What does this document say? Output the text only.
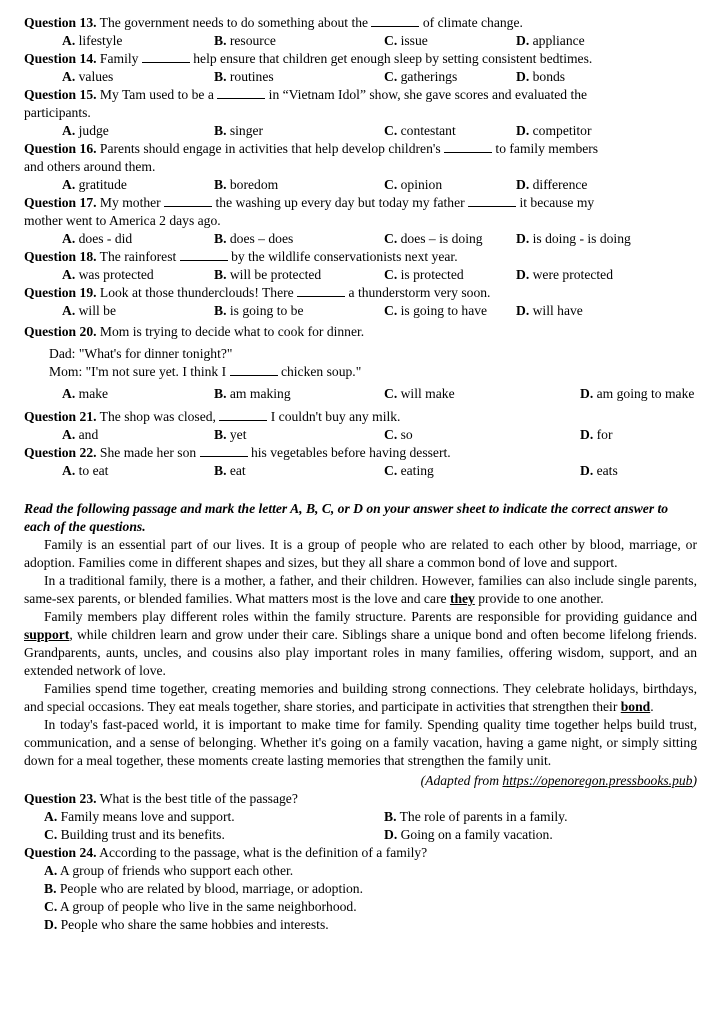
Question 13. The government needs to do something about the	of climate change.

A. lifestyle	B. resource	C. issue	D. appliance

Question 14. Family	help ensure that children get enough sleep by setting consistent bedtimes.

A. values	B. routines	C. gatherings	D. bonds

Question 15. My Tam used to be a	in “Vietnam Idol” show, she gave scores and evaluated the
participants.

A. judge	B. singer	C. contestant	D. competitor

Question 16. Parents should engage in activities that help develop children's	to family members
and others around them.

A. gratitude	B. boredom	C. opinion	D. difference

Question 17. My mother	the washing up every day but today my father	it because my
mother went to America 2 days ago.

A. does - did	B. does – does	C. does – is doing D. is doing - is doing

Question 18. The rainforest	by the wildlife conservationists next year.

A. was protected	B. will be protected	C. is protected	D. were protected

Question 19. Look at those thunderclouds! There	a thunderstorm very soon.

A. will be	B. is going to be	C. is going to have D. will have

Question 20. Mom is trying to decide what to cook for dinner.

Dad: "What's for dinner tonight?"

Mom: "I'm not sure yet. I think I	chicken soup."

A. make	B. am making	C. will make	D. am going to make

Question 21. The shop was closed,	I couldn't buy any milk.

A. and	B. yet	C. so	D. for

Question 22. She made her son	his vegetables before having dessert.

A. to eat	B. eat	C. eating	D. eats

Read the following passage and mark the letter A, B, C, or D on your answer sheet to indicate the correct answer to each of the questions.

Family is an essential part of our lives. It is a group of people who are related to each other by blood, marriage, or adoption. Families come in different shapes and sizes, but they all share a common bond of love and support.

In a traditional family, there is a mother, a father, and their children. However, families can also include single parents, same-sex parents, or blended families. What matters most is the love and care they provide to one another.

Family members play different roles within the family structure. Parents are responsible for providing guidance and support, while children learn and grow under their care. Siblings share a unique bond and often become lifelong friends. Grandparents, aunts, uncles, and cousins also play important roles in many families, offering wisdom, support, and an extended network of love.

Families spend time together, creating memories and building strong connections. They celebrate holidays, birthdays, and special occasions. They eat meals together, share stories, and participate in activities that strengthen their bond.

In today's fast-paced world, it is important to make time for family. Spending quality time together helps build trust, communication, and a sense of belonging. Whether it's going on a family vacation, having a game night, or simply sitting down for a meal together, these moments create lasting memories that strengthen the family unit.

(Adapted from https://openoregon.pressbooks.pub)

Question 23. What is the best title of the passage?

A. Family means love and support.	B. The role of parents in a family.
C. Building trust and its benefits.	D. Going on a family vacation.

Question 24. According to the passage, what is the definition of a family?

A. A group of friends who support each other.

B. People who are related by blood, marriage, or adoption.

C. A group of people who live in the same neighborhood.

D. People who share the same hobbies and interests.
